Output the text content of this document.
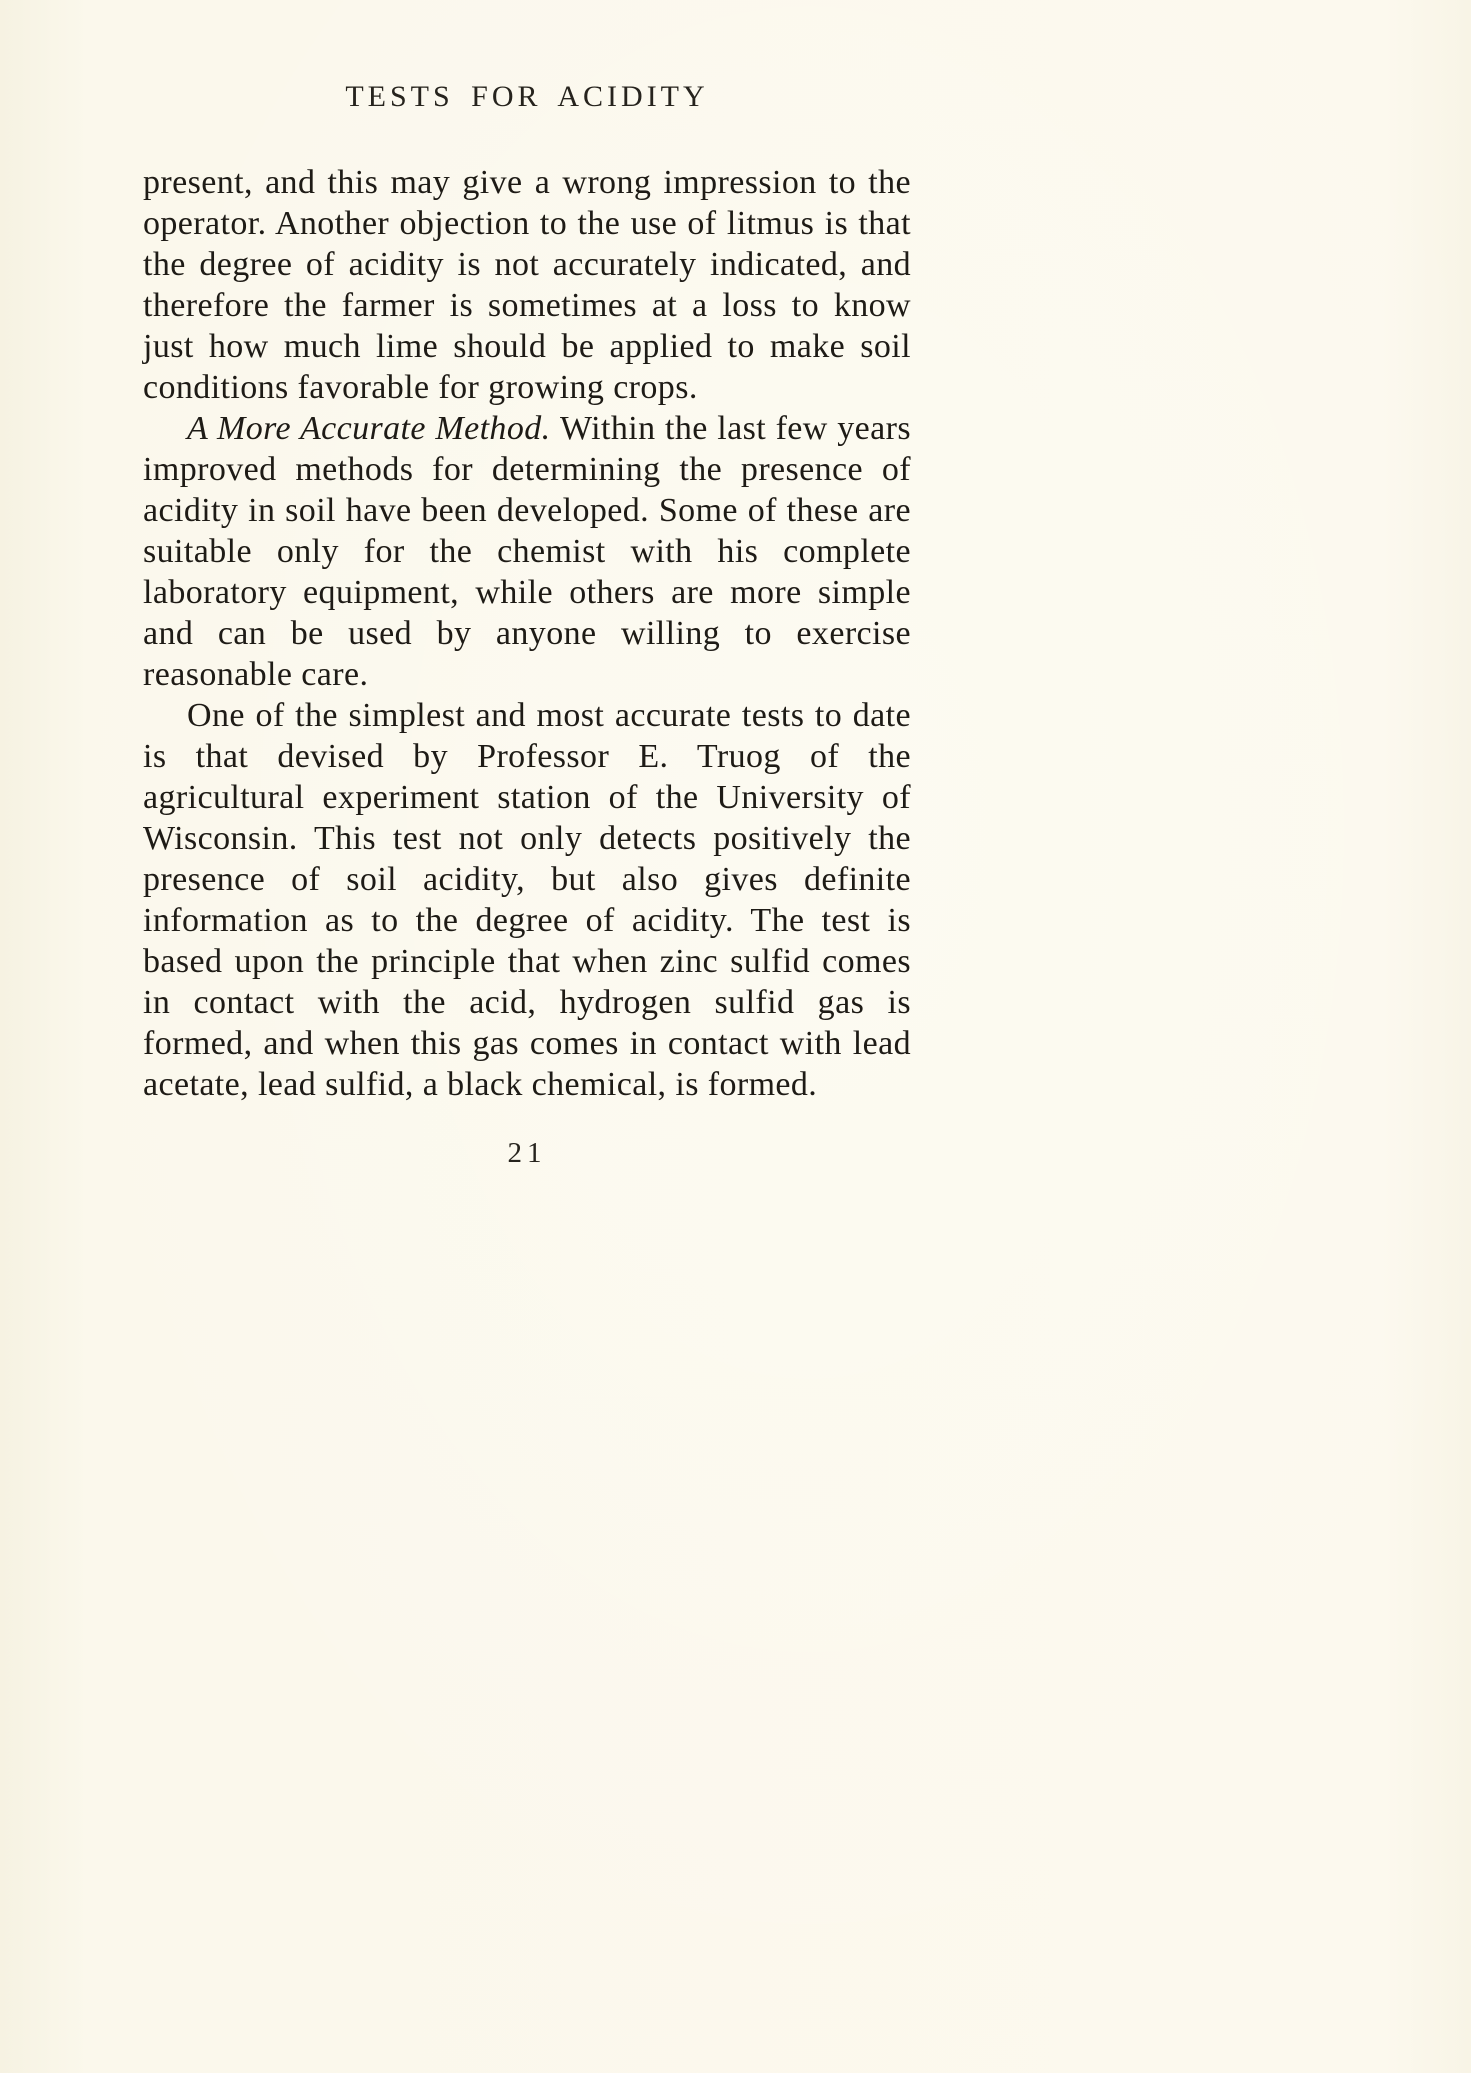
TESTS FOR ACIDITY

present, and this may give a wrong impression to the operator. Another objection to the use of litmus is that the degree of acidity is not accurately indicated, and therefore the farmer is sometimes at a loss to know just how much lime should be applied to make soil conditions favorable for growing crops.

A More Accurate Method. Within the last few years improved methods for determining the presence of acidity in soil have been developed. Some of these are suitable only for the chemist with his complete laboratory equipment, while others are more simple and can be used by anyone willing to exercise reasonable care.

One of the simplest and most accurate tests to date is that devised by Professor E. Truog of the agricultural experiment station of the University of Wisconsin. This test not only detects positively the presence of soil acidity, but also gives definite information as to the degree of acidity. The test is based upon the principle that when zinc sulfid comes in contact with the acid, hydrogen sulfid gas is formed, and when this gas comes in contact with lead acetate, lead sulfid, a black chemical, is formed.

21
